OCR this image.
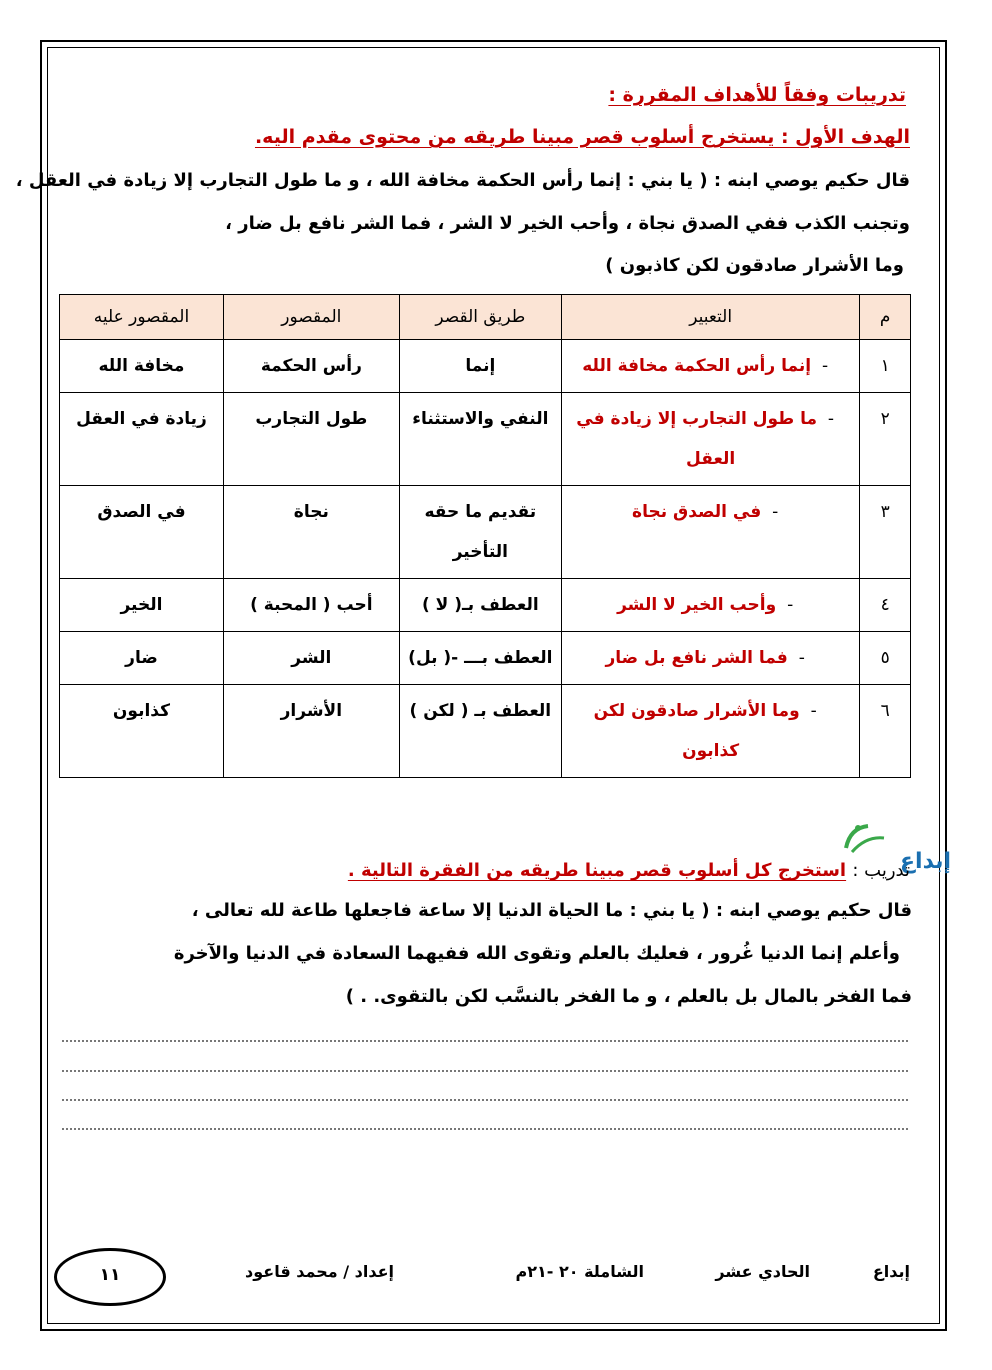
تدريبات وفقاً للأهداف المقررة :
الهدف الأول : يستخرج أسلوب قصر مبينا طريقه من محتوى مقدم اليه.
قال حكيم يوصي ابنه : ( يا بني : إنما رأس الحكمة مخافة الله ، و ما طول التجارب إلا زيادة في العقل ،
وتجنب الكذب ففي الصدق نجاة ، وأحب الخير لا الشر ، فما الشر نافع بل ضار ،
وما الأشرار صادقون لكن كاذبون )
م	التعبير	طريق القصر	المقصور	المقصور عليه
١	-إنما رأس الحكمة مخافة الله	إنما	رأس الحكمة	مخافة الله
٢	-ما طول التجارب إلا زيادة في العقل	النفي والاستثناء	طول التجارب	زيادة في العقل
٣	-في الصدق نجاة	تقديم ما حقه التأخير	نجاة	في الصدق
٤	-وأحب الخير لا الشر	العطف بـ( لا )	أحب ( المحبة )	الخير
٥	-فما الشر نافع بل ضار	العطف بـــ -( بل)	الشر	ضار
٦	-وما الأشرار صادقون لكن كذابون	العطف بـ ( لكن )	الأشرار	كذابون
إبداع
تدريب : استخرج كل أسلوب قصر مبينا طريقه من الفقرة التالية .
قال حكيم يوصي ابنه : ( يا بني : ما الحياة الدنيا إلا ساعة فاجعلها طاعة لله تعالى ،
وأعلم إنما الدنيا غُرور ، فعليك بالعلم وتقوى الله ففيهما السعادة في الدنيا والآخرة
فما الفخر بالمال بل بالعلم ، و ما الفخر بالنسَّب لكن بالتقوى. . )
إبداع
الحادي عشر
الشاملة ٢٠ -٢١م
إعداد / محمد قاعود
١١
